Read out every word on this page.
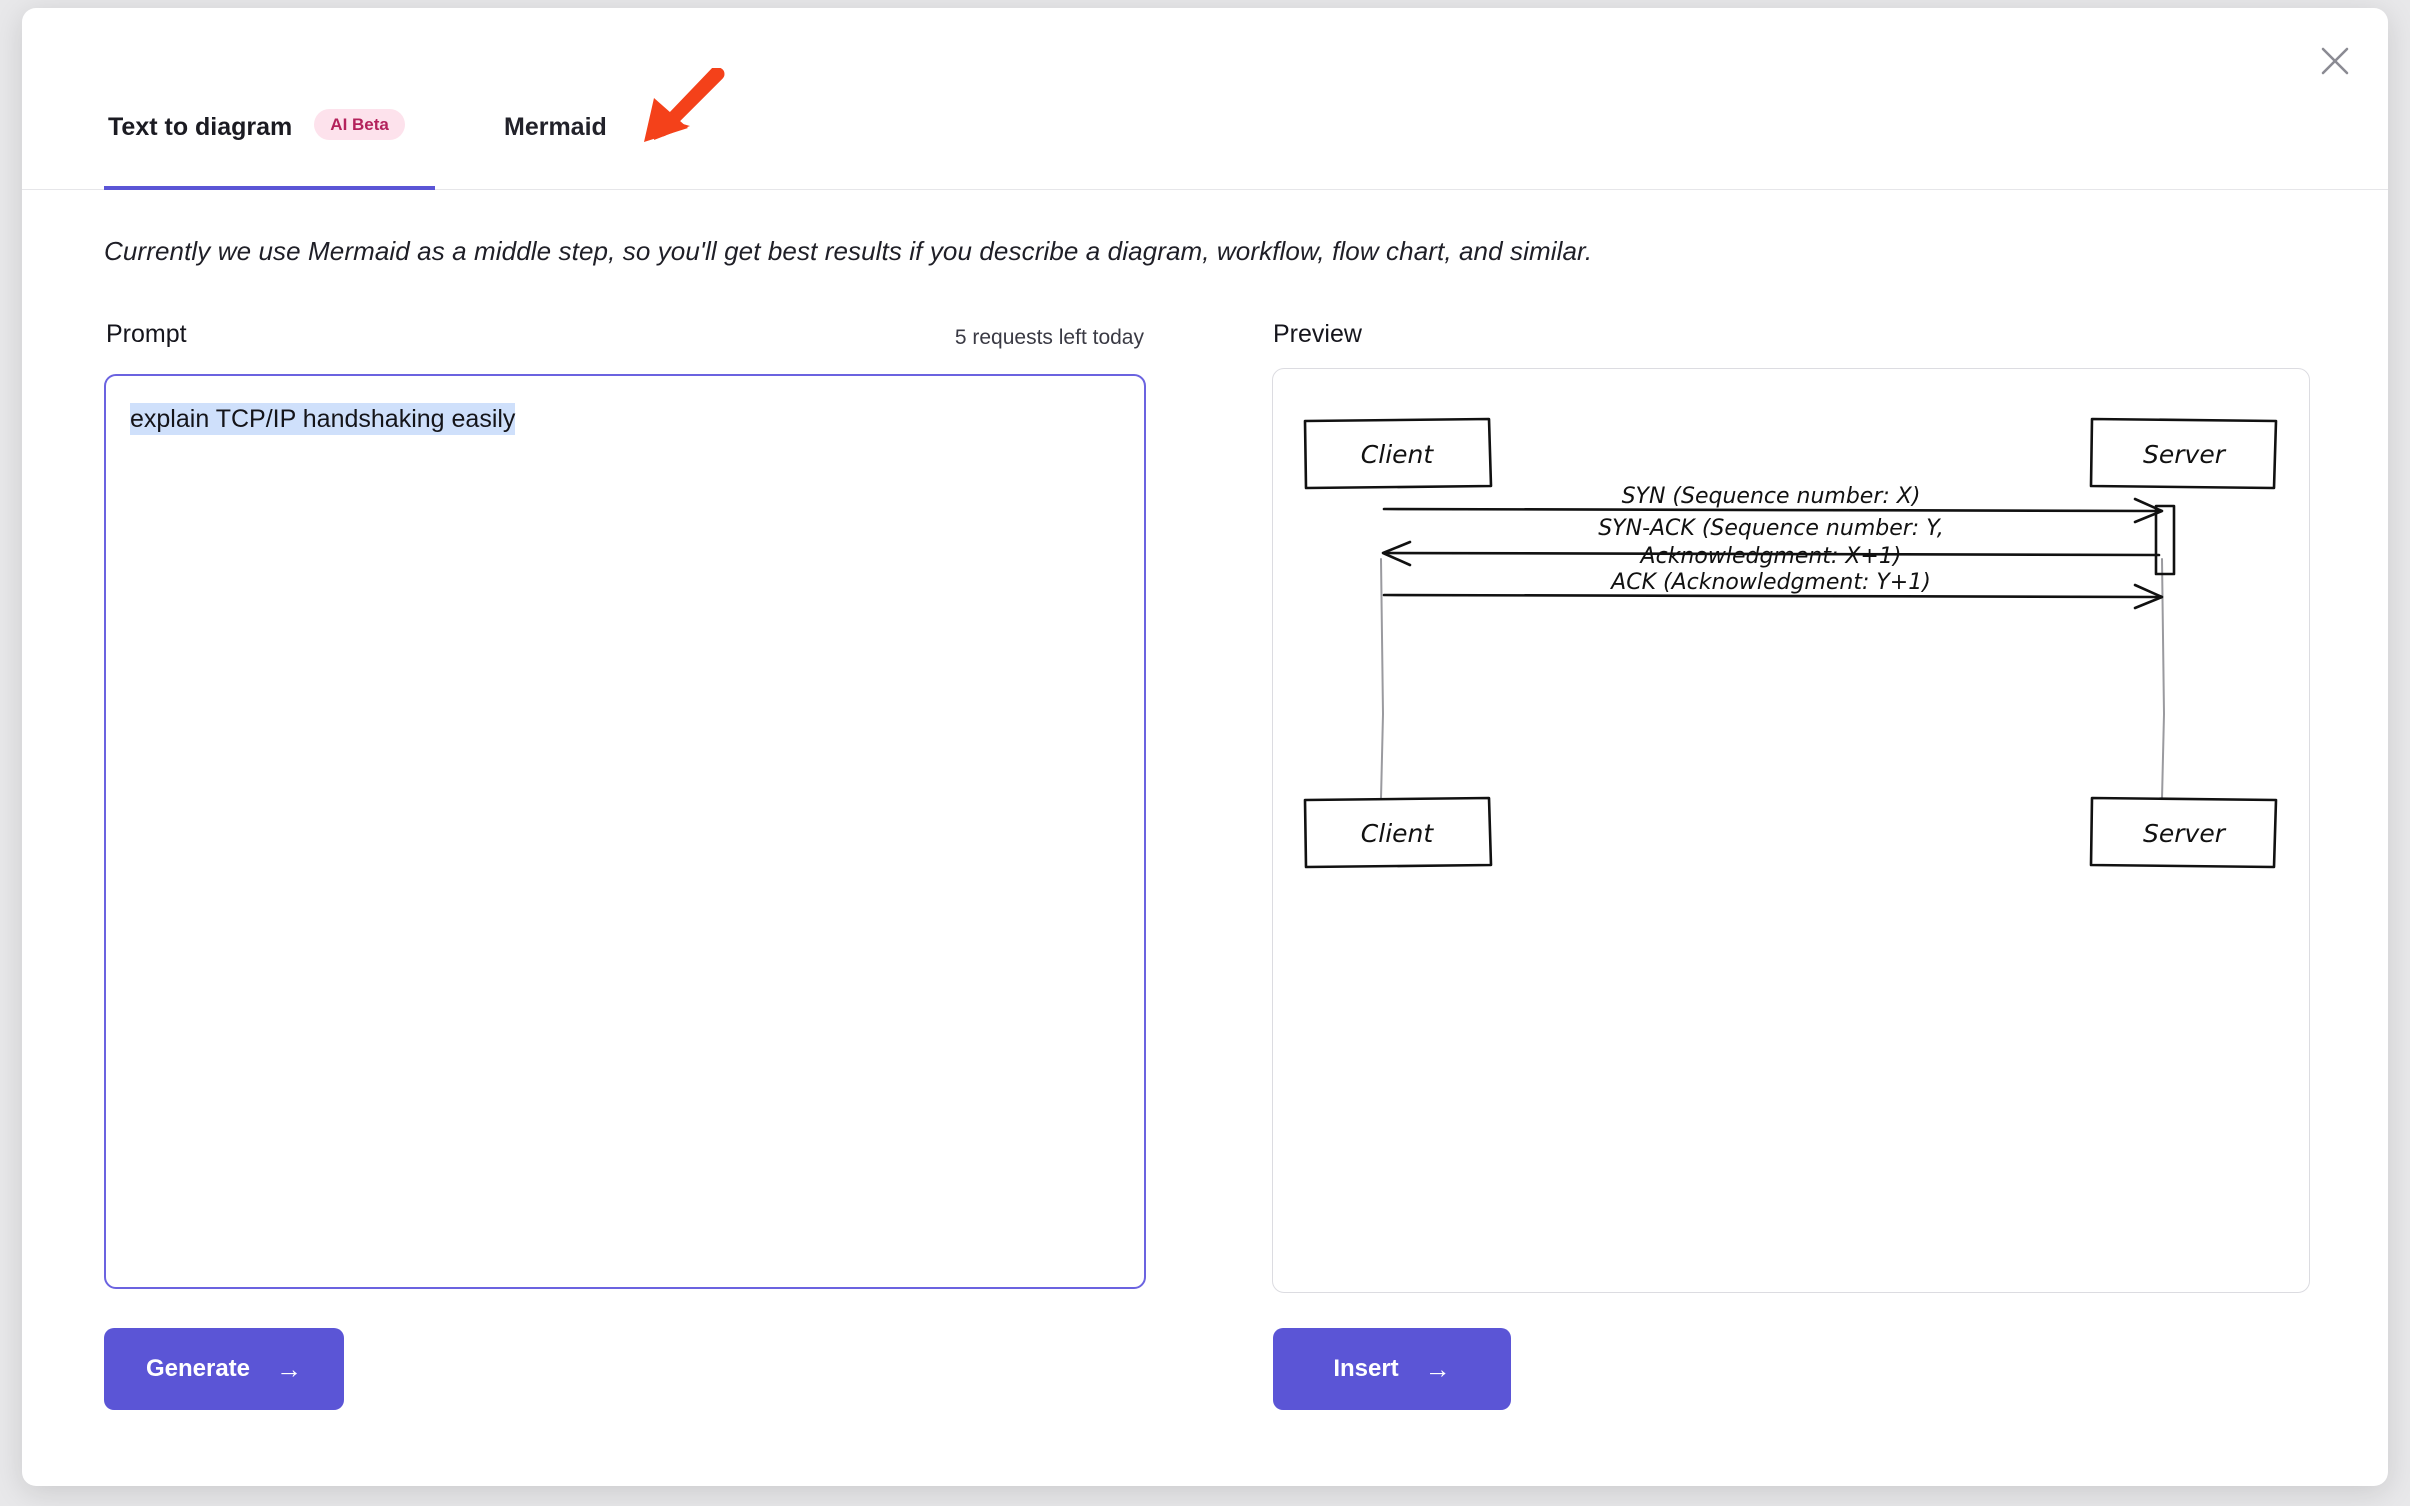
Text to diagram	AI Beta	Mermaid
Currently we use Mermaid as a middle step, so you'll get best results if you describe a diagram, workflow, flow chart, and similar.
Prompt	5 requests left today
explain TCP/IP handshaking easily
Generate →
Preview
Client	Server
Client	Server
SYN (Sequence number: X)
SYN-ACK (Sequence number: Y,
Acknowledgment: X+1)
ACK (Acknowledgment: Y+1)
Insert →
